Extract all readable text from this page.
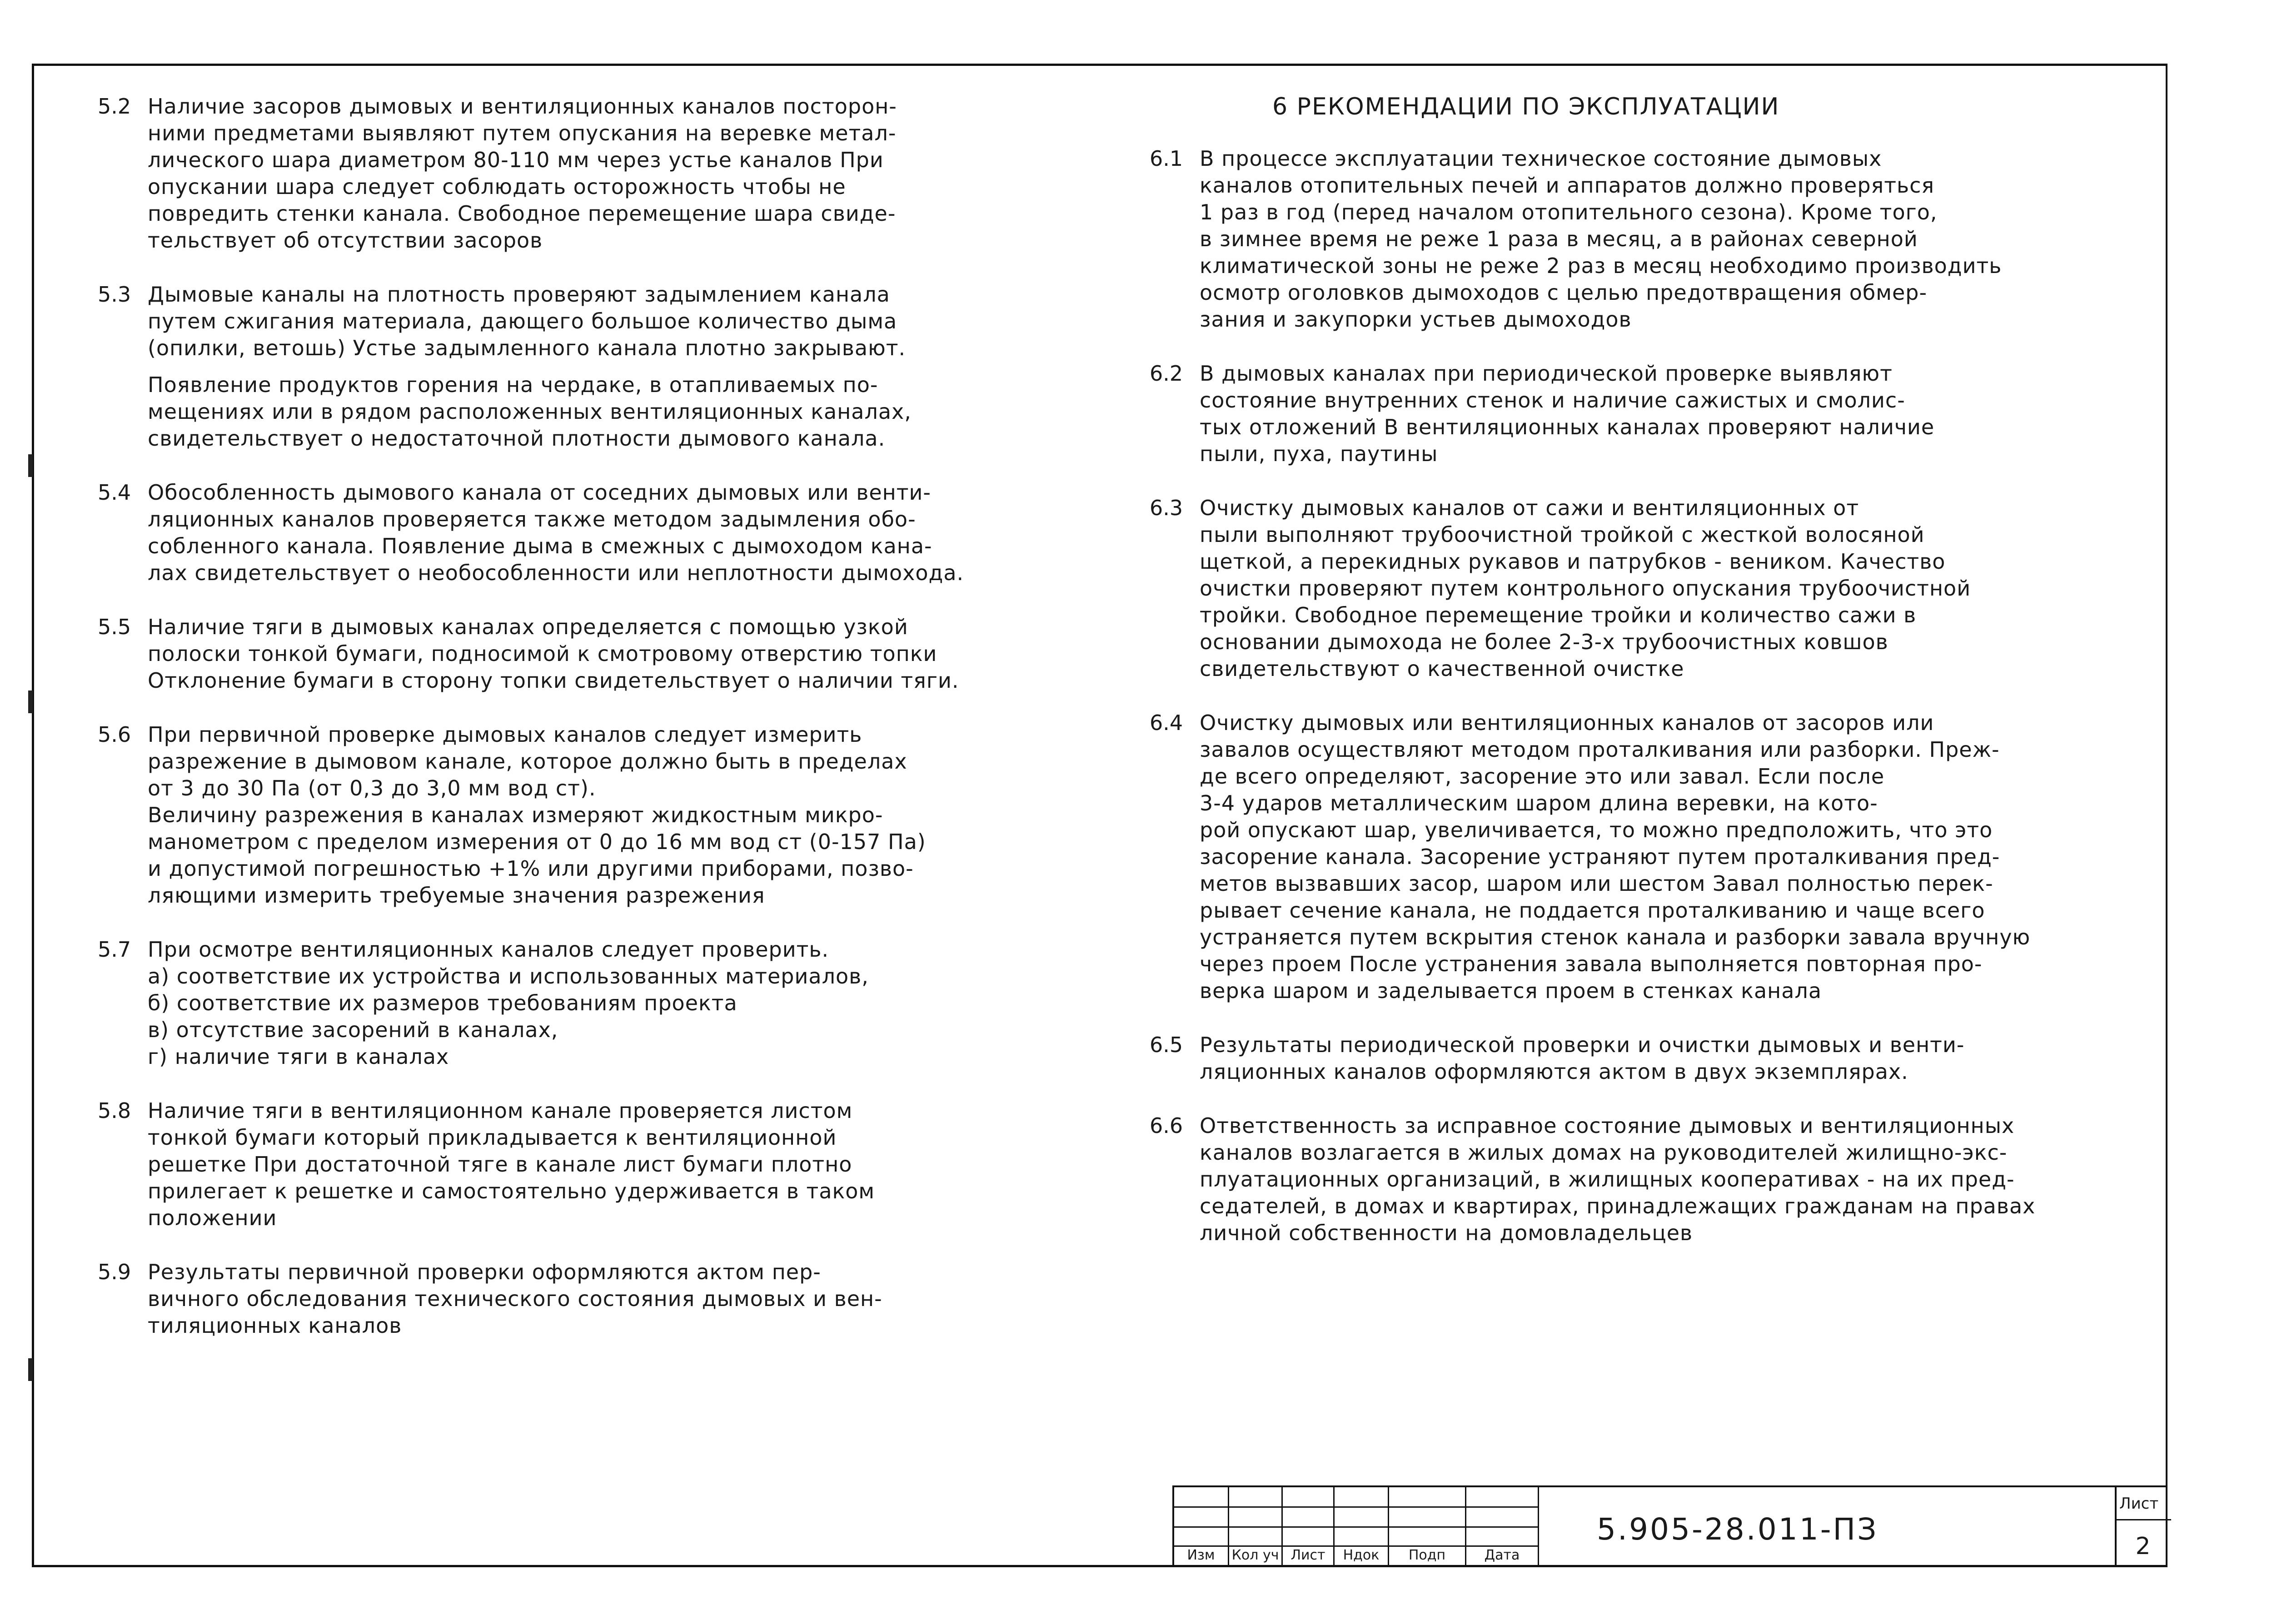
5.2 Наличие засоров дымовых и вентиляционных каналов посторон-
ними предметами выявляют путем опускания на веревке метал-
лического шара диаметром 80-110 мм через устье каналов При
опускании шара следует соблюдать осторожность чтобы не
повредить стенки канала. Свободное перемещение шара свиде-
тельствует об отсутствии засоров
5.3 Дымовые каналы на плотность проверяют задымлением канала
путем сжигания материала, дающего большое количество дыма
(опилки, ветошь) Устье задымленного канала плотно закрывают.
Появление продуктов горения на чердаке, в отапливаемых по-
мещениях или в рядом расположенных вентиляционных каналах,
свидетельствует о недостаточной плотности дымового канала.
5.4 Обособленность дымового канала от соседних дымовых или венти-
ляционных каналов проверяется также методом задымления обо-
собленного канала. Появление дыма в смежных с дымоходом кана-
лах свидетельствует о необособленности или неплотности дымохода.
5.5 Наличие тяги в дымовых каналах определяется с помощью узкой
полоски тонкой бумаги, подносимой к смотровому отверстию топки
Отклонение бумаги в сторону топки свидетельствует о наличии тяги.
5.6 При первичной проверке дымовых каналов следует измерить
разрежение в дымовом канале, которое должно быть в пределах
от 3 до 30 Па (от 0,3 до 3,0 мм вод ст).
Величину разрежения в каналах измеряют жидкостным микро-
манометром с пределом измерения от 0 до 16 мм вод ст (0-157 Па)
и допустимой погрешностью +1% или другими приборами, позво-
ляющими измерить требуемые значения разрежения
5.7 При осмотре вентиляционных каналов следует проверить.
а) соответствие их устройства и использованных материалов,
б) соответствие их размеров требованиям проекта
в) отсутствие засорений в каналах,
г) наличие тяги в каналах
5.8 Наличие тяги в вентиляционном канале проверяется листом
тонкой бумаги который прикладывается к вентиляционной
решетке При достаточной тяге в канале лист бумаги плотно
прилегает к решетке и самостоятельно удерживается в таком
положении
5.9 Результаты первичной проверки оформляются актом пер-
вичного обследования технического состояния дымовых и вен-
тиляционных каналов
6 РЕКОМЕНДАЦИИ ПО ЭКСПЛУАТАЦИИ
6.1 В процессе эксплуатации техническое состояние дымовых
каналов отопительных печей и аппаратов должно проверяться
1 раз в год (перед началом отопительного сезона). Кроме того,
в зимнее время не реже 1 раза в месяц, а в районах северной
климатической зоны не реже 2 раз в месяц необходимо производить
осмотр оголовков дымоходов с целью предотвращения обмер-
зания и закупорки устьев дымоходов
6.2 В дымовых каналах при периодической проверке выявляют
состояние внутренних стенок и наличие сажистых и смолис-
тых отложений В вентиляционных каналах проверяют наличие
пыли, пуха, паутины
6.3 Очистку дымовых каналов от сажи и вентиляционных от
пыли выполняют трубоочистной тройкой с жесткой волосяной
щеткой, а перекидных рукавов и патрубков - веником. Качество
очистки проверяют путем контрольного опускания трубоочистной
тройки. Свободное перемещение тройки и количество сажи в
основании дымохода не более 2-3-х трубоочистных ковшов
свидетельствуют о качественной очистке
6.4 Очистку дымовых или вентиляционных каналов от засоров или
завалов осуществляют методом проталкивания или разборки. Преж-
де всего определяют, засорение это или завал. Если после
3-4 ударов металлическим шаром длина веревки, на кото-
рой опускают шар, увеличивается, то можно предположить, что это
засорение канала. Засорение устраняют путем проталкивания пред-
метов вызвавших засор, шаром или шестом Завал полностью перек-
рывает сечение канала, не поддается проталкиванию и чаще всего
устраняется путем вскрытия стенок канала и разборки завала вручную
через проем После устранения завала выполняется повторная про-
верка шаром и заделывается проем в стенках канала
6.5 Результаты периодической проверки и очистки дымовых и венти-
ляционных каналов оформляются актом в двух экземплярах.
6.6 Ответственность за исправное состояние дымовых и вентиляционных
каналов возлагается в жилых домах на руководителей жилищно-экс-
плуатационных организаций, в жилищных кооперативах - на их пред-
седателей, в домах и квартирах, принадлежащих гражданам на правах
личной собственности на домовладельцев
Изм	Кол уч Лист	Ндок	Подп	Дата
5.905-28.011-ПЗ
Лист
2
